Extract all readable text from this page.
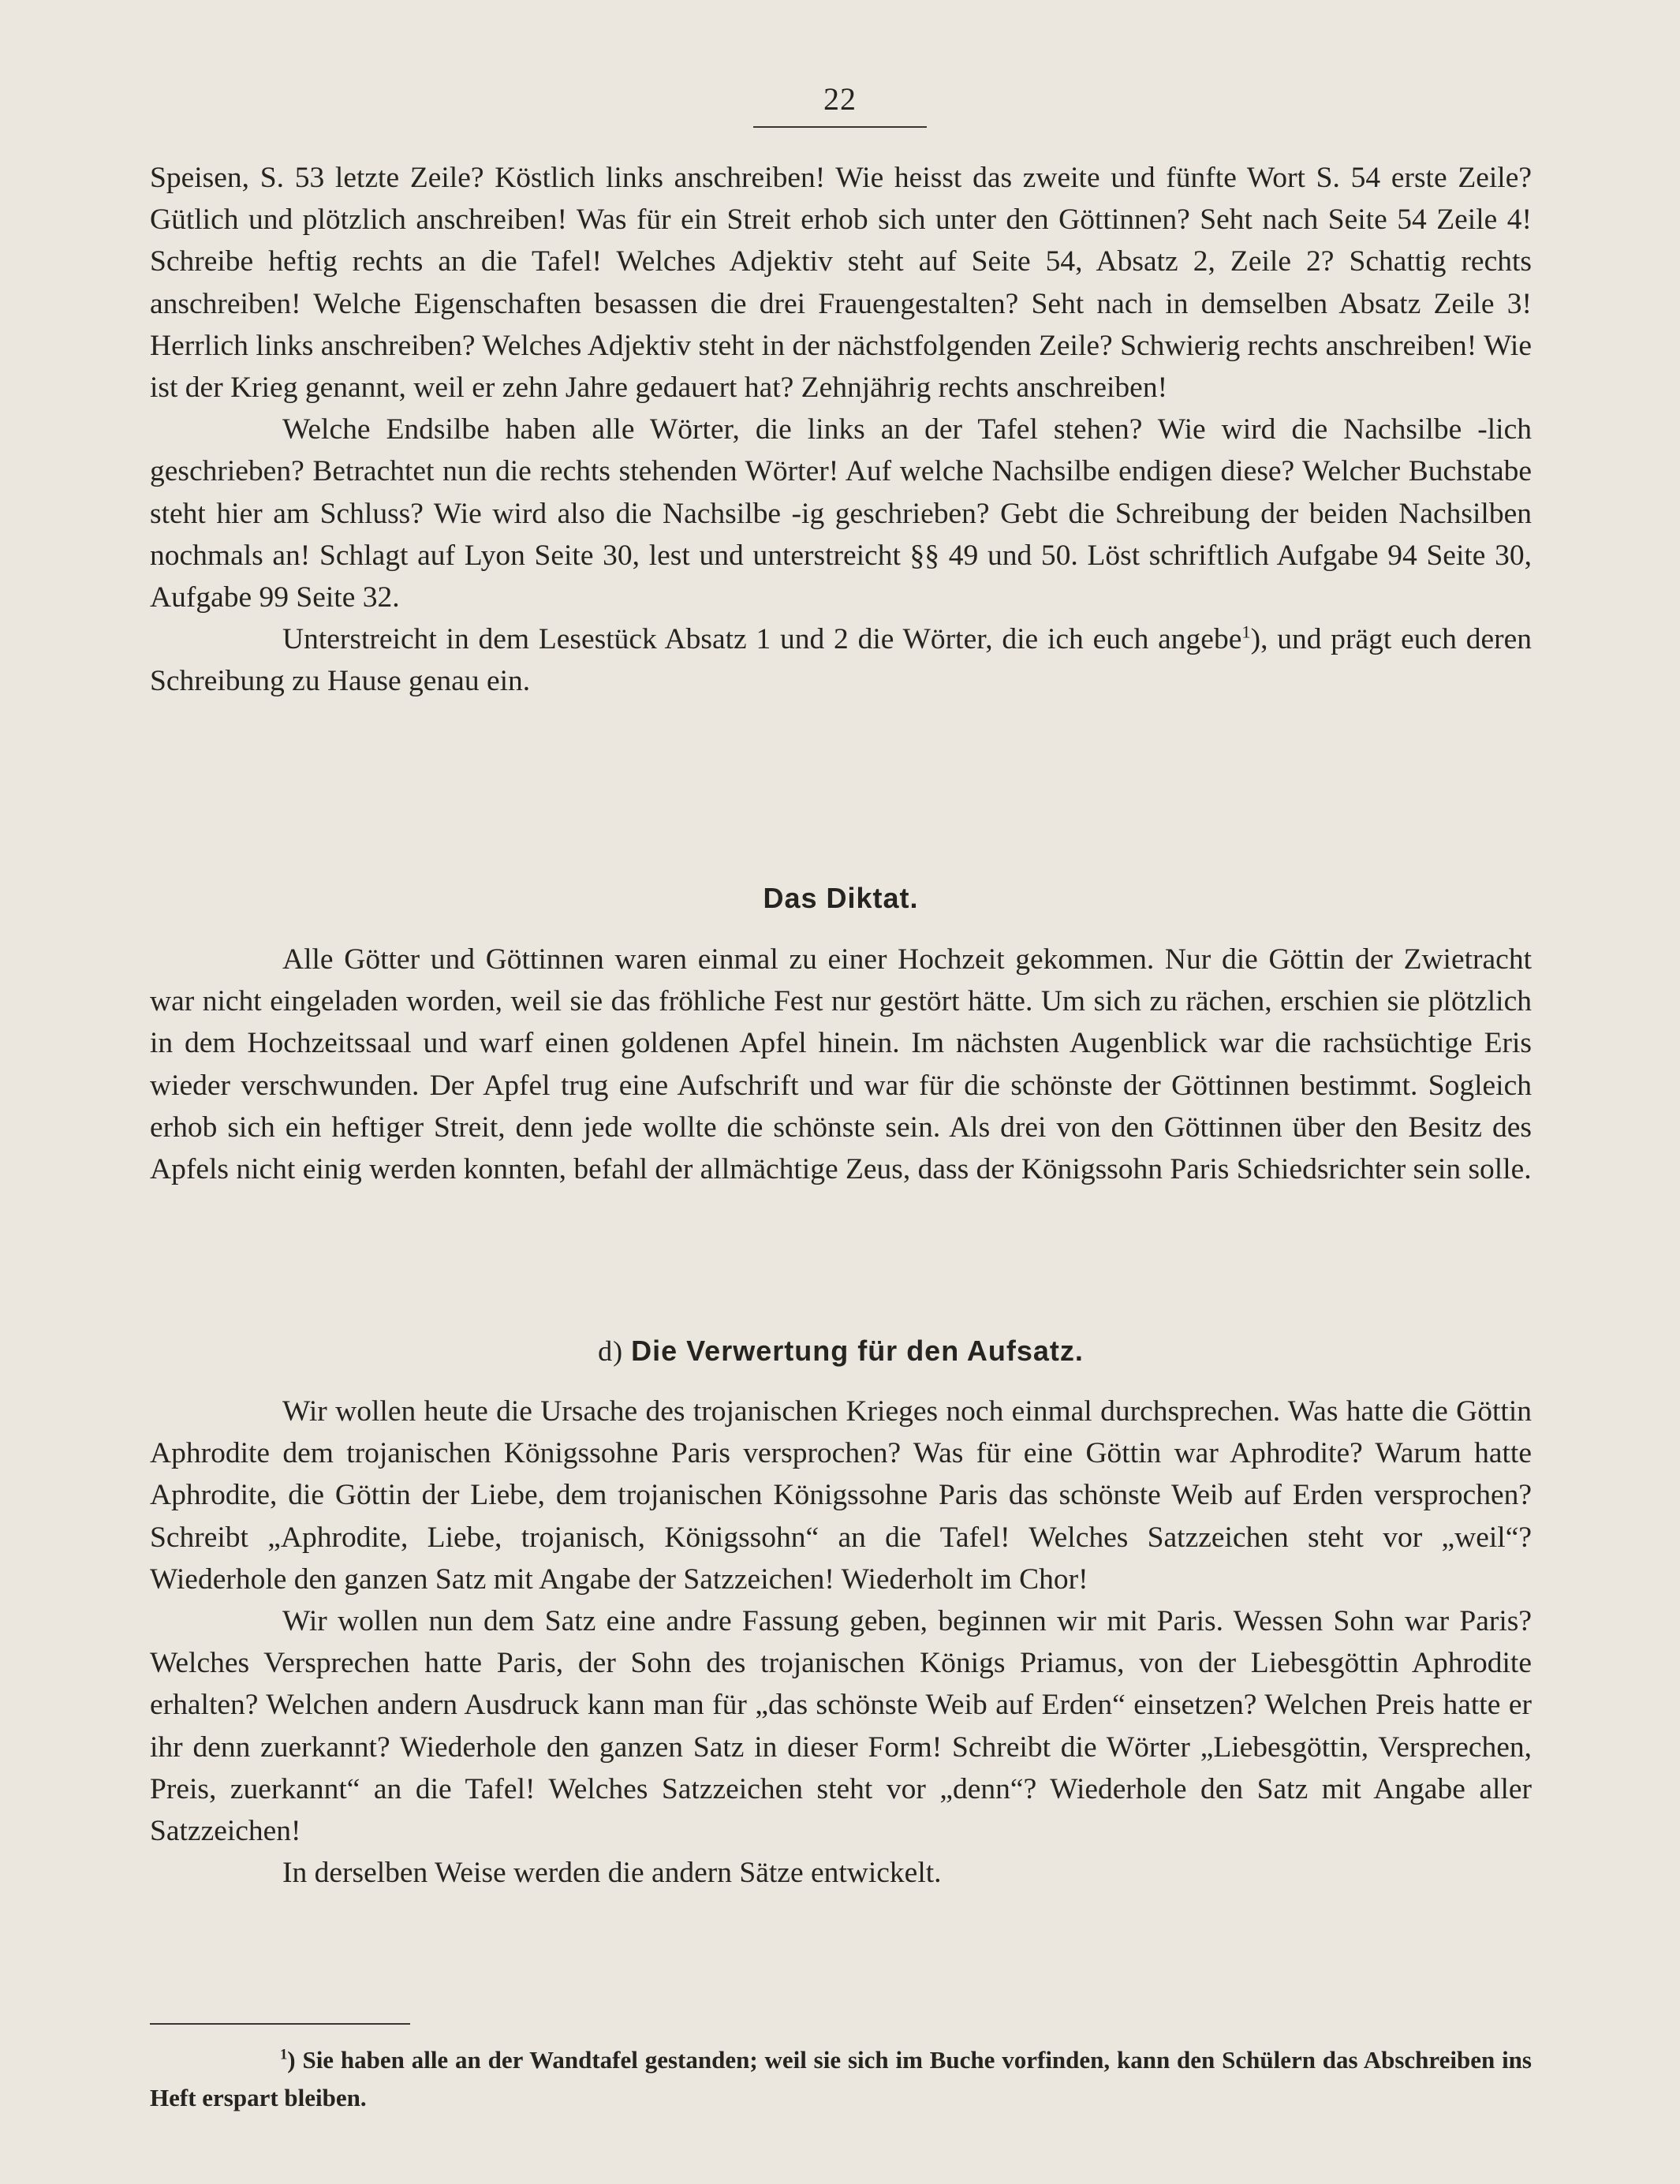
22

Speisen, S. 53 letzte Zeile? Köstlich links anschreiben! Wie heisst das zweite und fünfte Wort S. 54 erste Zeile? Gütlich und plötzlich anschreiben! Was für ein Streit erhob sich unter den Göttinnen? Seht nach Seite 54 Zeile 4! Schreibe heftig rechts an die Tafel! Welches Adjektiv steht auf Seite 54, Absatz 2, Zeile 2? Schattig rechts anschreiben! Welche Eigenschaften besassen die drei Frauengestalten? Seht nach in demselben Absatz Zeile 3! Herrlich links anschreiben? Welches Adjektiv steht in der nächstfolgenden Zeile? Schwierig rechts anschreiben! Wie ist der Krieg genannt, weil er zehn Jahre gedauert hat? Zehnjährig rechts anschreiben!

Welche Endsilbe haben alle Wörter, die links an der Tafel stehen? Wie wird die Nachsilbe -lich geschrieben? Betrachtet nun die rechts stehenden Wörter! Auf welche Nachsilbe endigen diese? Welcher Buchstabe steht hier am Schluss? Wie wird also die Nachsilbe -ig geschrieben? Gebt die Schreibung der beiden Nachsilben nochmals an! Schlagt auf Lyon Seite 30, lest und unterstreicht §§ 49 und 50. Löst schriftlich Aufgabe 94 Seite 30, Aufgabe 99 Seite 32.

Unterstreicht in dem Lesestück Absatz 1 und 2 die Wörter, die ich euch angebe$^1$), und prägt euch deren Schreibung zu Hause genau ein.

Das Diktat.

Alle Götter und Göttinnen waren einmal zu einer Hochzeit gekommen. Nur die Göttin der Zwietracht war nicht eingeladen worden, weil sie das fröhliche Fest nur gestört hätte. Um sich zu rächen, erschien sie plötzlich in dem Hochzeitssaal und warf einen goldenen Apfel hinein. Im nächsten Augenblick war die rachsüchtige Eris wieder verschwunden. Der Apfel trug eine Aufschrift und war für die schönste der Göttinnen bestimmt. Sogleich erhob sich ein heftiger Streit, denn jede wollte die schönste sein. Als drei von den Göttinnen über den Besitz des Apfels nicht einig werden konnten, befahl der allmächtige Zeus, dass der Königssohn Paris Schiedsrichter sein solle.

d) Die Verwertung für den Aufsatz.

Wir wollen heute die Ursache des trojanischen Krieges noch einmal durchsprechen. Was hatte die Göttin Aphrodite dem trojanischen Königssohne Paris versprochen? Was für eine Göttin war Aphrodite? Warum hatte Aphrodite, die Göttin der Liebe, dem trojanischen Königssohne Paris das schönste Weib auf Erden versprochen? Schreibt „Aphrodite, Liebe, trojanisch, Königssohn“ an die Tafel! Welches Satzzeichen steht vor „weil“? Wiederhole den ganzen Satz mit Angabe der Satzzeichen! Wiederholt im Chor!

Wir wollen nun dem Satz eine andre Fassung geben, beginnen wir mit Paris. Wessen Sohn war Paris? Welches Versprechen hatte Paris, der Sohn des trojanischen Königs Priamus, von der Liebesgöttin Aphrodite erhalten? Welchen andern Ausdruck kann man für „das schönste Weib auf Erden“ einsetzen? Welchen Preis hatte er ihr denn zuerkannt? Wiederhole den ganzen Satz in dieser Form! Schreibt die Wörter „Liebesgöttin, Versprechen, Preis, zuerkannt“ an die Tafel! Welches Satzzeichen steht vor „denn“? Wiederhole den Satz mit Angabe aller Satzzeichen!

In derselben Weise werden die andern Sätze entwickelt.

$^1$) Sie haben alle an der Wandtafel gestanden; weil sie sich im Buche vorfinden, kann den Schülern das Abschreiben ins Heft erspart bleiben.
